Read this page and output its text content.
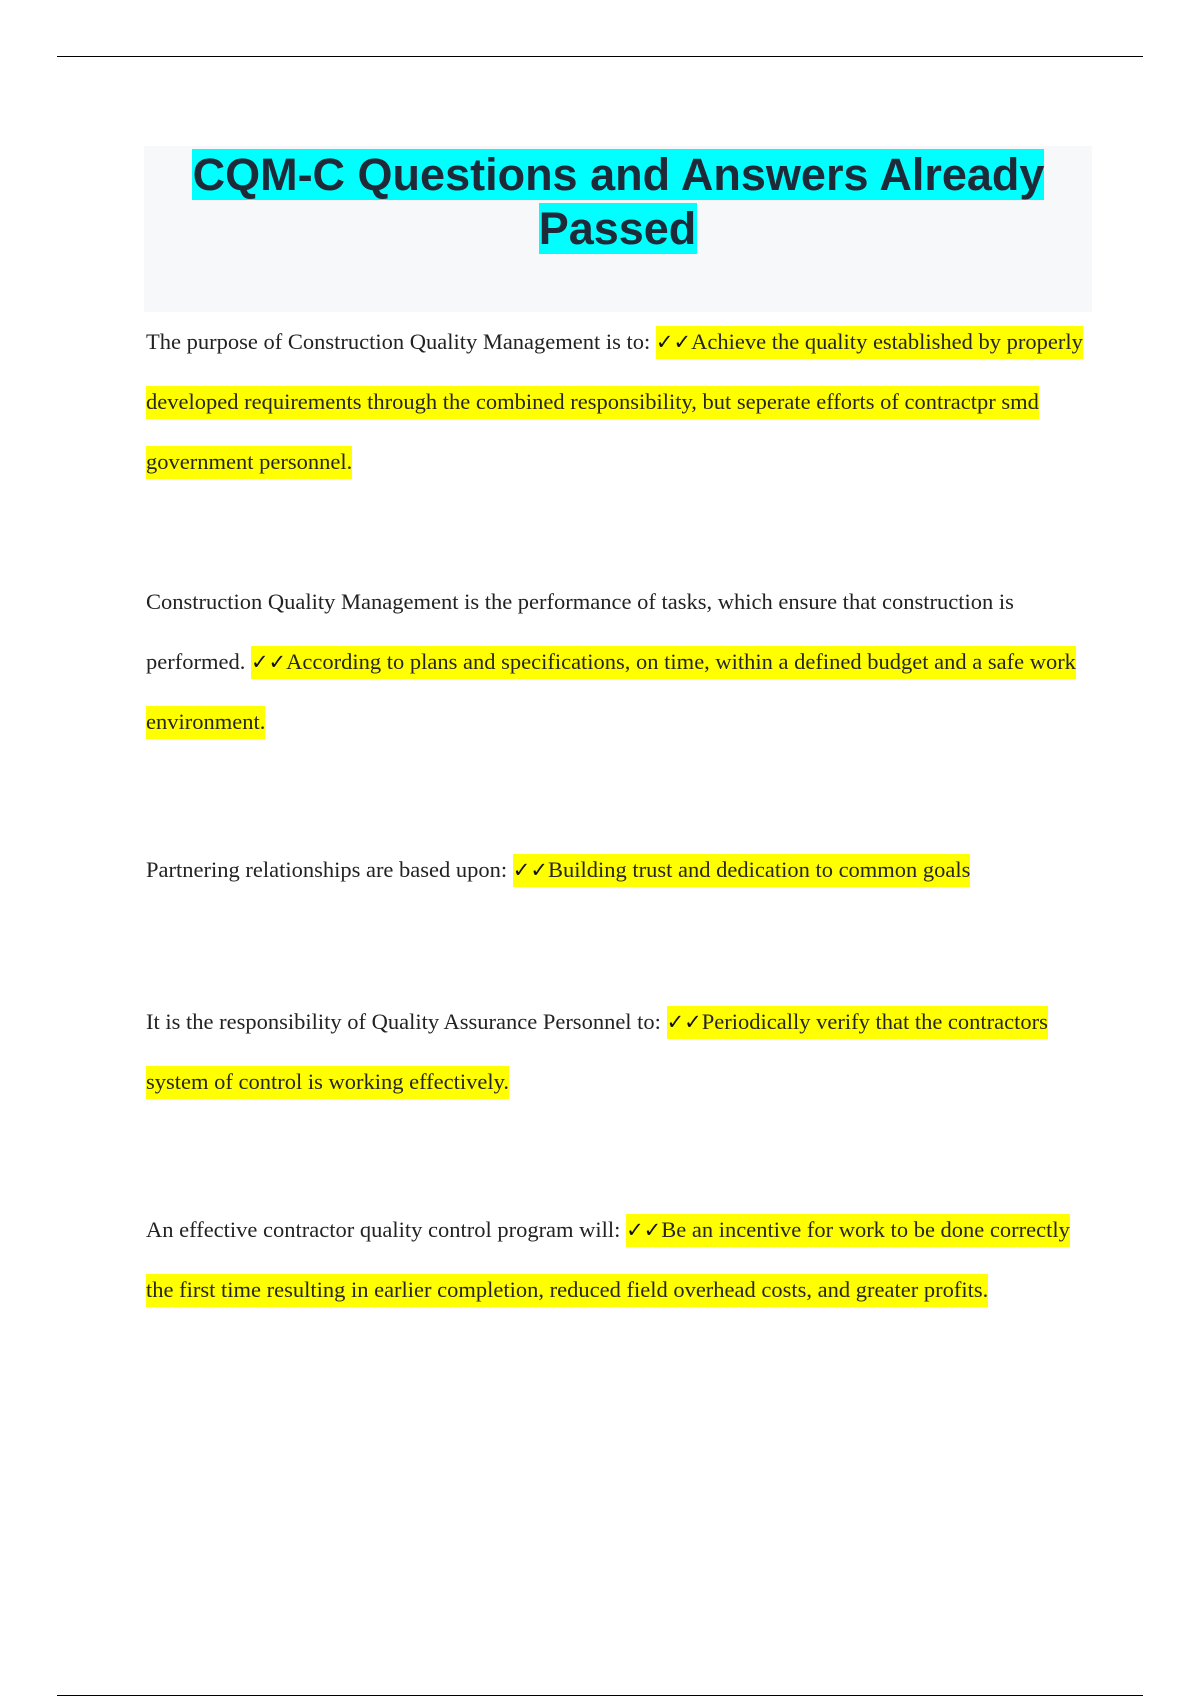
CQM-C Questions and Answers Already Passed

The purpose of Construction Quality Management is to: ✓✓Achieve the quality established by properly developed requirements through the combined responsibility, but seperate efforts of contractpr smd government personnel.

Construction Quality Management is the performance of tasks, which ensure that construction is performed. ✓✓According to plans and specifications, on time, within a defined budget and a safe work environment.

Partnering relationships are based upon: ✓✓Building trust and dedication to common goals

It is the responsibility of Quality Assurance Personnel to: ✓✓Periodically verify that the contractors system of control is working effectively.

An effective contractor quality control program will: ✓✓Be an incentive for work to be done correctly the first time resulting in earlier completion, reduced field overhead costs, and greater profits.
